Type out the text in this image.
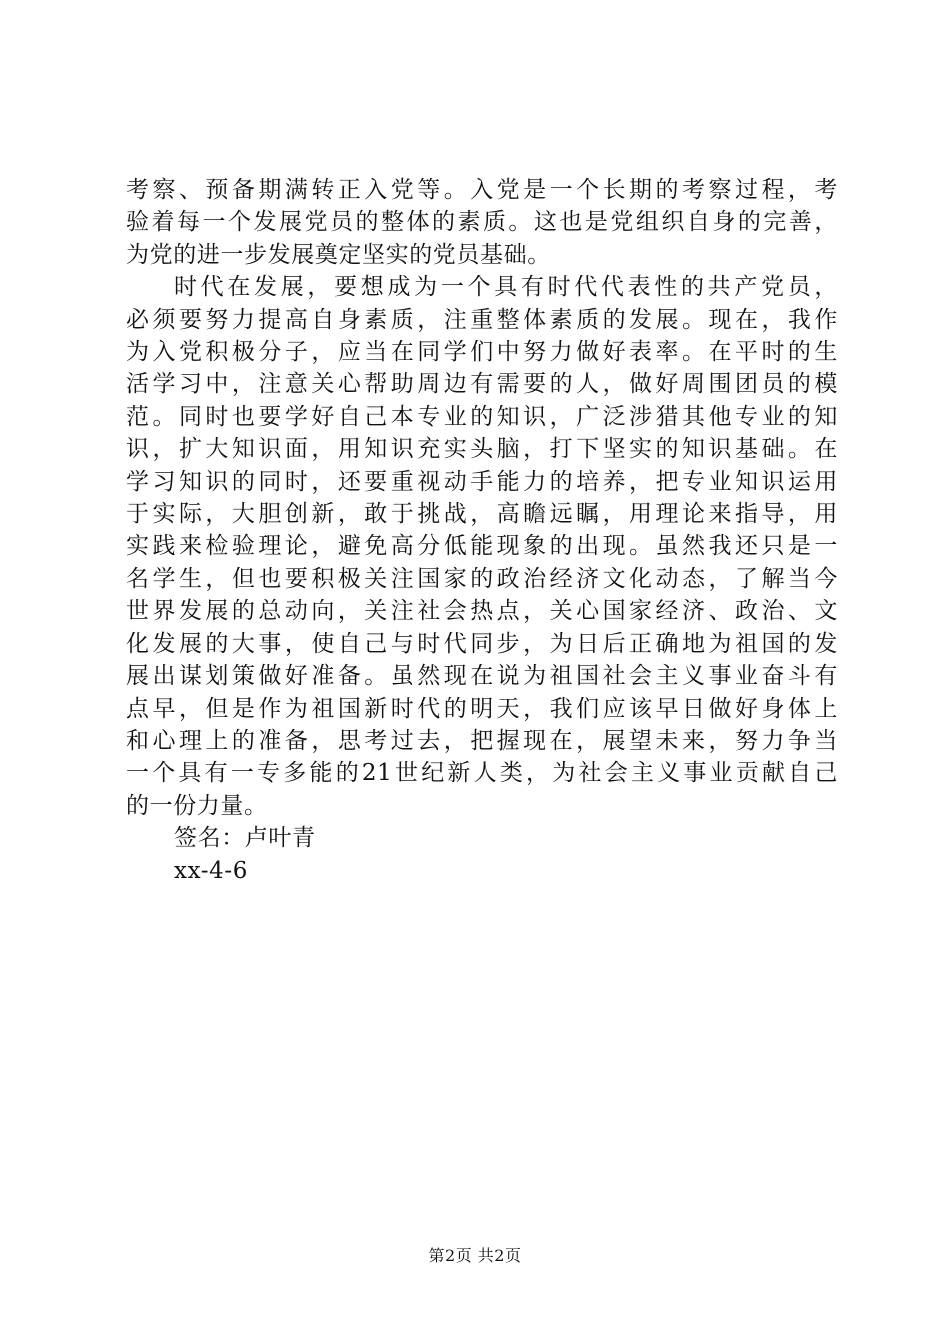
考察、预备期满转正入党等。入党是一个长期的考察过程，考
验着每一个发展党员的整体的素质。这也是党组织自身的完善，
为党的进一步发展奠定坚实的党员基础。
时代在发展，要想成为一个具有时代代表性的共产党员，
必须要努力提高自身素质，注重整体素质的发展。现在，我作
为入党积极分子，应当在同学们中努力做好表率。在平时的生
活学习中，注意关心帮助周边有需要的人，做好周围团员的模
范。同时也要学好自己本专业的知识，广泛涉猎其他专业的知
识，扩大知识面，用知识充实头脑，打下坚实的知识基础。在
学习知识的同时，还要重视动手能力的培养，把专业知识运用
于实际，大胆创新，敢于挑战，高瞻远瞩，用理论来指导，用
实践来检验理论，避免高分低能现象的出现。虽然我还只是一
名学生，但也要积极关注国家的政治经济文化动态，了解当今
世界发展的总动向，关注社会热点，关心国家经济、政治、文
化发展的大事，使自己与时代同步，为日后正确地为祖国的发
展出谋划策做好准备。虽然现在说为祖国社会主义事业奋斗有
点早，但是作为祖国新时代的明天，我们应该早日做好身体上
和心理上的准备，思考过去，把握现在，展望未来，努力争当
一个具有一专多能的21世纪新人类，为社会主义事业贡献自己
的一份力量。
签名：卢叶青
xx-4-6
第2页 共2页
